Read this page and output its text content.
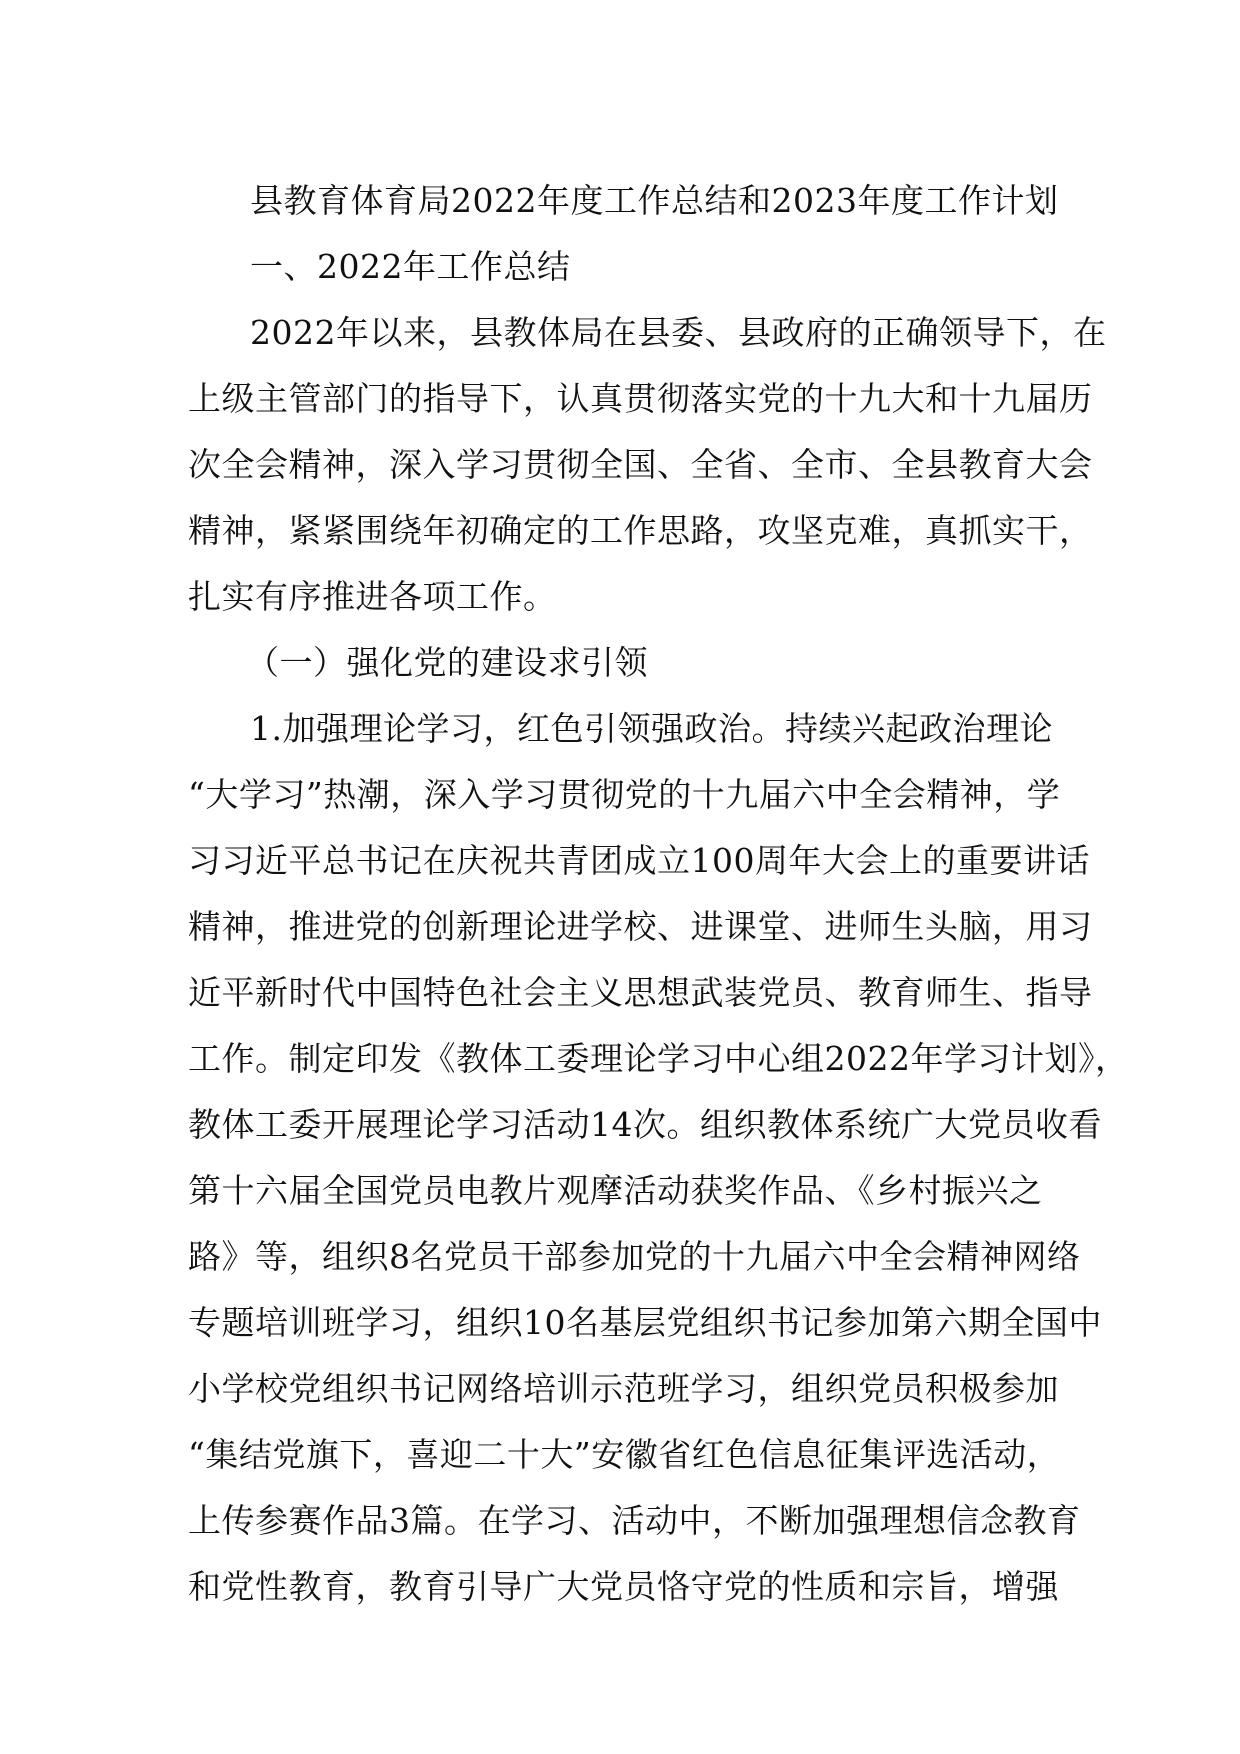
县教育体育局2022年度工作总结和2023年度工作计划
一、2022年工作总结

2022年以来，县教体局在县委、县政府的正确领导下，在
上级主管部门的指导下，认真贯彻落实党的十九大和十九届历
次全会精神，深入学习贯彻全国、全省、全市、全县教育大会
精神，紧紧围绕年初确定的工作思路，攻坚克难，真抓实干，
扎实有序推进各项工作。

（一）强化党的建设求引领

1.加强理论学习，红色引领强政治。持续兴起政治理论
“大学习”热潮，深入学习贯彻党的十九届六中全会精神，学
习习近平总书记在庆祝共青团成立100周年大会上的重要讲话
精神，推进党的创新理论进学校、进课堂、进师生头脑，用习
近平新时代中国特色社会主义思想武装党员、教育师生、指导
工作。制定印发《教体工委理论学习中心组2022年学习计划》，
教体工委开展理论学习活动14次。组织教体系统广大党员收看
第十六届全国党员电教片观摩活动获奖作品、《乡村振兴之
路》等，组织8名党员干部参加党的十九届六中全会精神网络
专题培训班学习，组织10名基层党组织书记参加第六期全国中
小学校党组织书记网络培训示范班学习，组织党员积极参加
“集结党旗下，喜迎二十大”安徽省红色信息征集评选活动，
上传参赛作品3篇。在学习、活动中，不断加强理想信念教育
和党性教育，教育引导广大党员恪守党的性质和宗旨，增强
